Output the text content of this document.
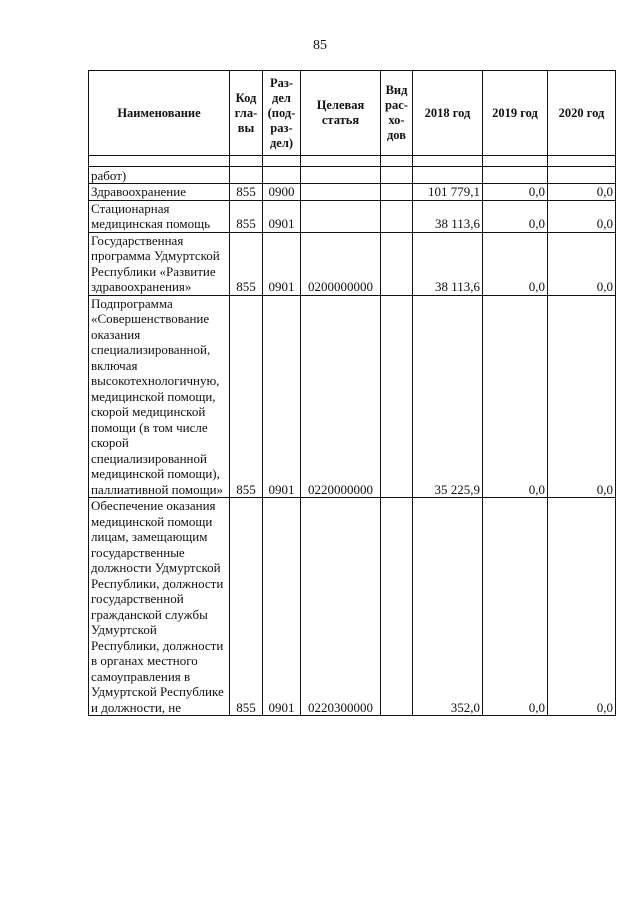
85
Наименование	Код гла- вы	Раз- дел (под- раз- дел)	Целевая статья	Вид рас- хо- дов	2018 год	2019 год	2020 год

работ)							
Здравоохранение	855	0900			101 779,1	0,0	0,0
Стационарная медицинская помощь	855	0901			38 113,6	0,0	0,0
Государственная программа Удмуртской Республики «Развитие здравоохранения»	855	0901	0200000000		38 113,6	0,0	0,0
Подпрограмма «Совершенствование оказания специализированной, включая высокотехнологичную, медицинской помощи, скорой медицинской помощи (в том числе скорой специализированной медицинской помощи), паллиативной помощи»	855	0901	0220000000		35 225,9	0,0	0,0
Обеспечение оказания медицинской помощи лицам, замещающим государственные должности Удмуртской Республики, должности государственной гражданской службы Удмуртской Республики, должности в органах местного самоуправления в Удмуртской Республике и должности, не	855	0901	0220300000		352,0	0,0	0,0
